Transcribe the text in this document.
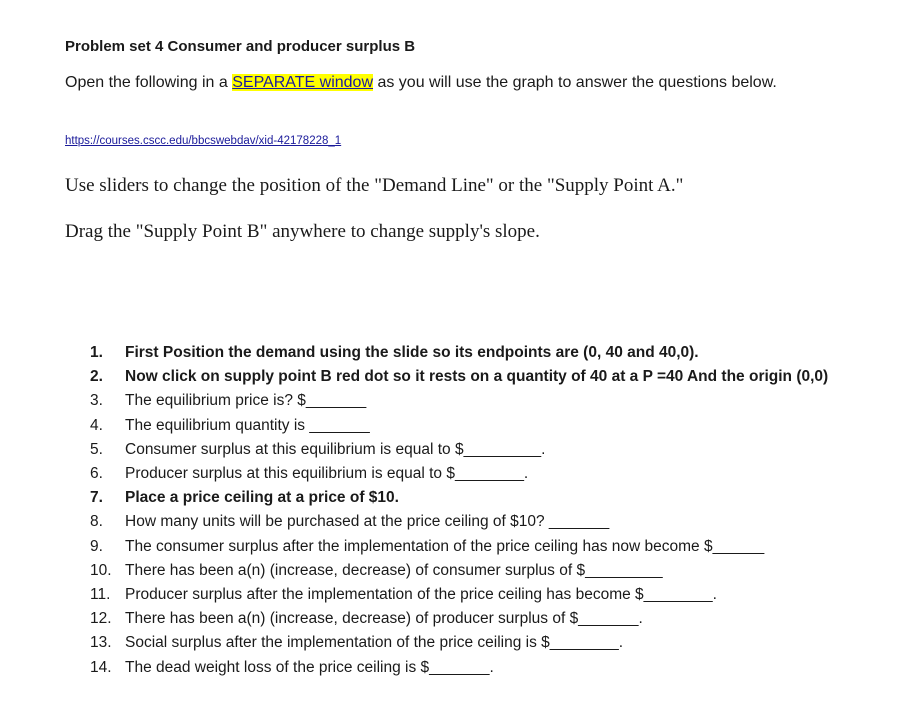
Problem set 4 Consumer and producer surplus B

Open the following in a SEPARATE window as you will use the graph to answer the questions below.

https://courses.cscc.edu/bbcswebdav/xid-42178228_1

Use sliders to change the position of the "Demand Line" or the "Supply Point A."

Drag the "Supply Point B" anywhere to change supply's slope.

1.	First Position the demand using the slide so its endpoints are (0, 40 and 40,0).
2.	Now click on supply point B red dot so it rests on a quantity of 40 at a P =40 And the origin (0,0)
3.	The equilibrium price is? $_______
4.	The equilibrium quantity is _______
5.	Consumer surplus at this equilibrium is equal to $_________.
6.	Producer surplus at this equilibrium is equal to $________.
7.	Place a price ceiling at a price of $10.
8.	How many units will be purchased at the price ceiling of $10? _______
9.	The consumer surplus after the implementation of the price ceiling has now become $______
10. There has been a(n) (increase, decrease) of consumer surplus of $_________
11. Producer surplus after the implementation of the price ceiling has become $________.
12. There has been a(n) (increase, decrease) of producer surplus of $_______.
13. Social surplus after the implementation of the price ceiling is $________.
14. The dead weight loss of the price ceiling is $_______.
